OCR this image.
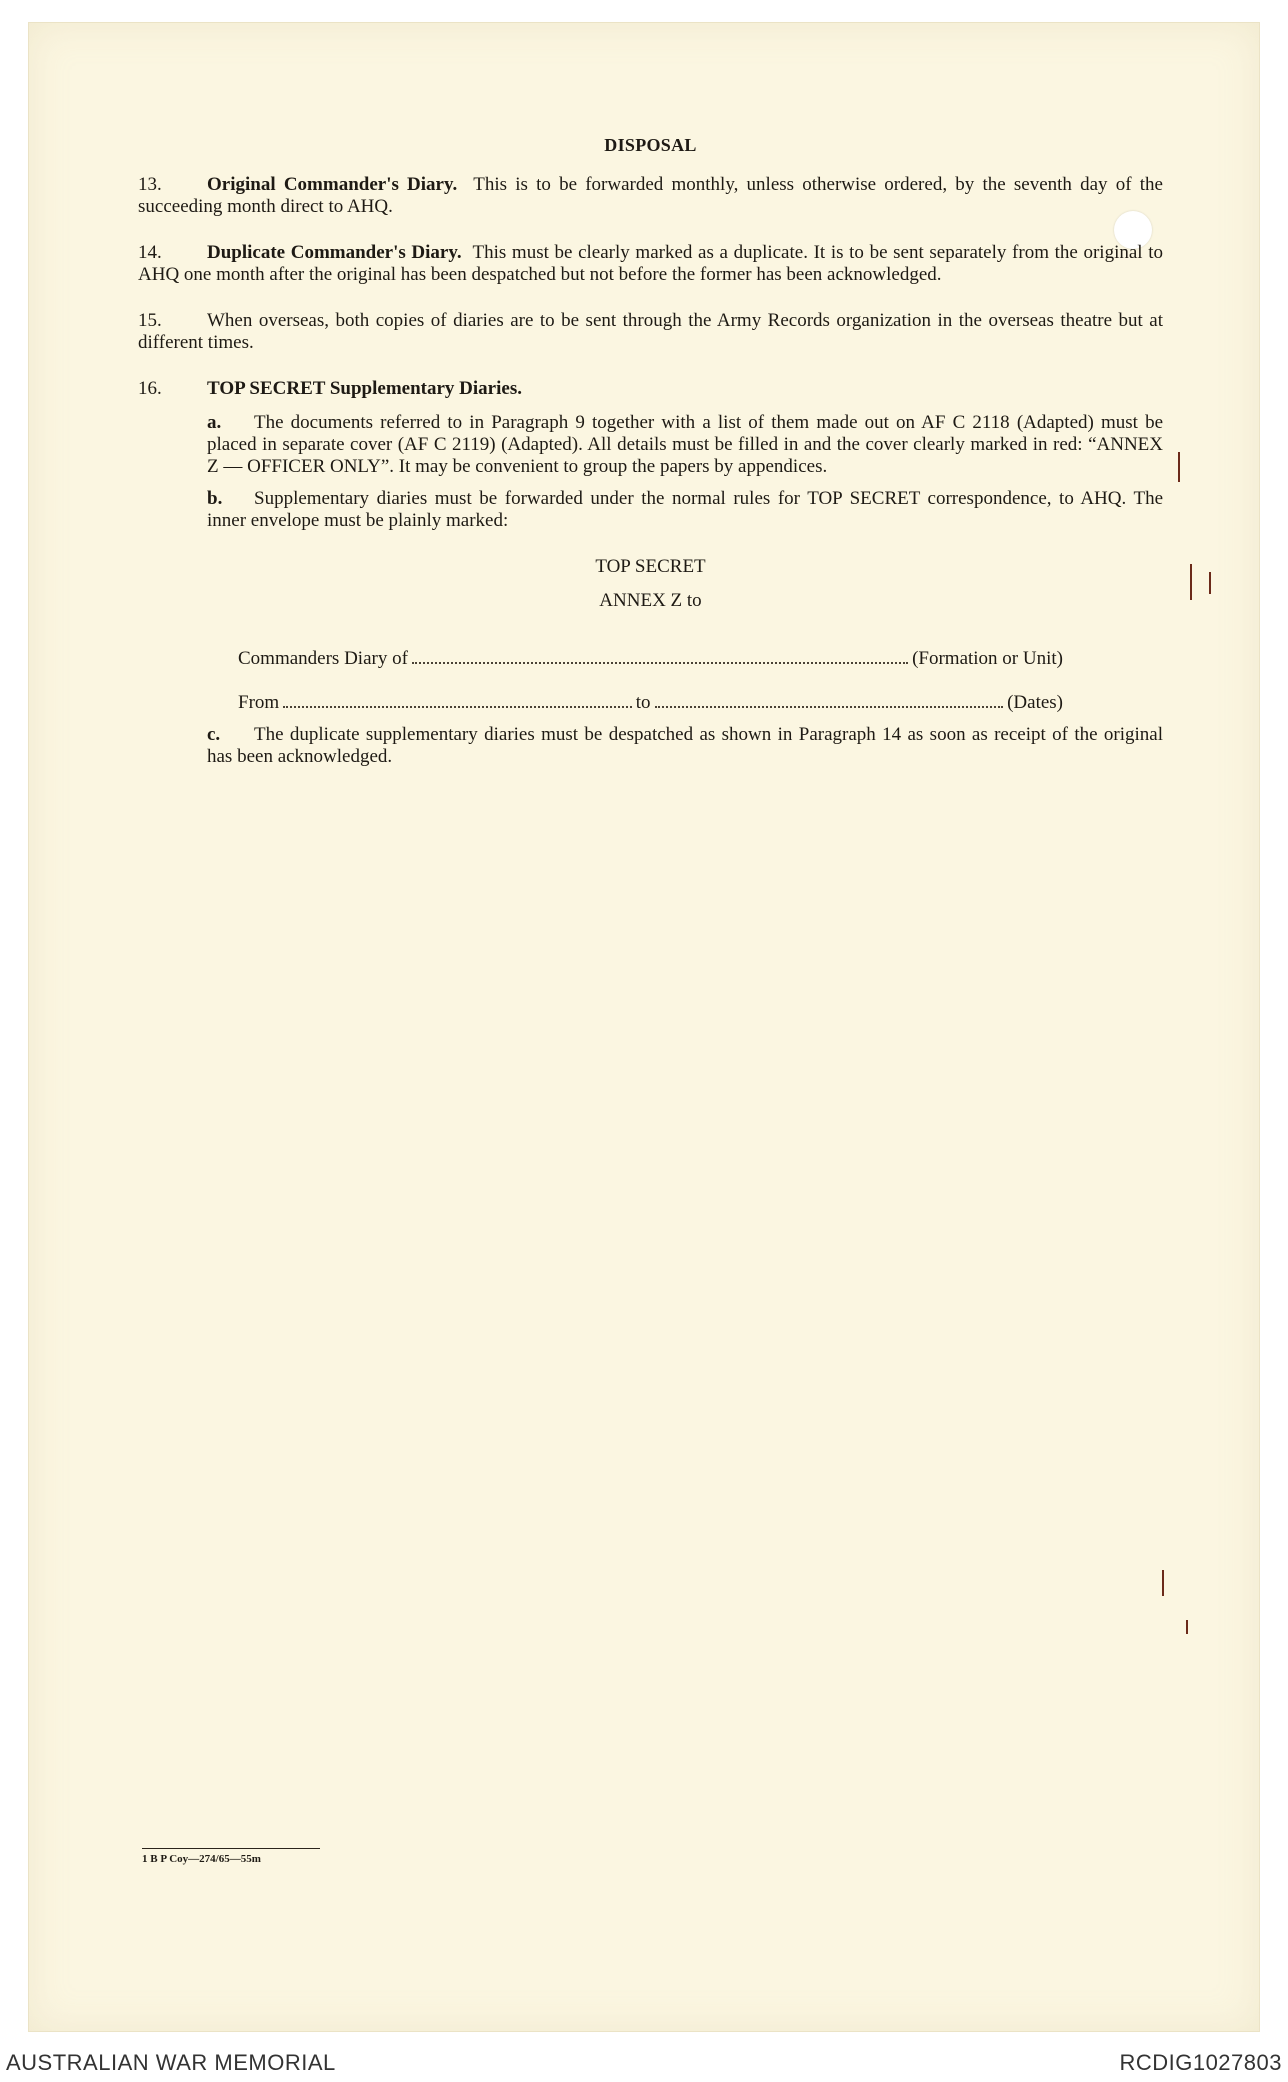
DISPOSAL
13. Original Commander's Diary. This is to be forwarded monthly, unless otherwise ordered, by the seventh day of the succeeding month direct to AHQ.
14. Duplicate Commander's Diary. This must be clearly marked as a duplicate. It is to be sent separately from the original to AHQ one month after the original has been despatched but not before the former has been acknowledged.
15. When overseas, both copies of diaries are to be sent through the Army Records organization in the overseas theatre but at different times.
16. TOP SECRET Supplementary Diaries.
a. The documents referred to in Paragraph 9 together with a list of them made out on AF C 2118 (Adapted) must be placed in separate cover (AF C 2119) (Adapted). All details must be filled in and the cover clearly marked in red: “ANNEX Z — OFFICER ONLY”. It may be convenient to group the papers by appendices.
b. Supplementary diaries must be forwarded under the normal rules for TOP SECRET correspondence, to AHQ. The inner envelope must be plainly marked:

TOP SECRET

ANNEX Z to

Commanders Diary of	(Formation or Unit)
From	to	(Dates)
c. The duplicate supplementary diaries must be despatched as shown in Paragraph 14 as soon as receipt of the original has been acknowledged.
1 B P Coy—274/65—55m
AUSTRALIAN WAR MEMORIAL	RCDIG1027803
